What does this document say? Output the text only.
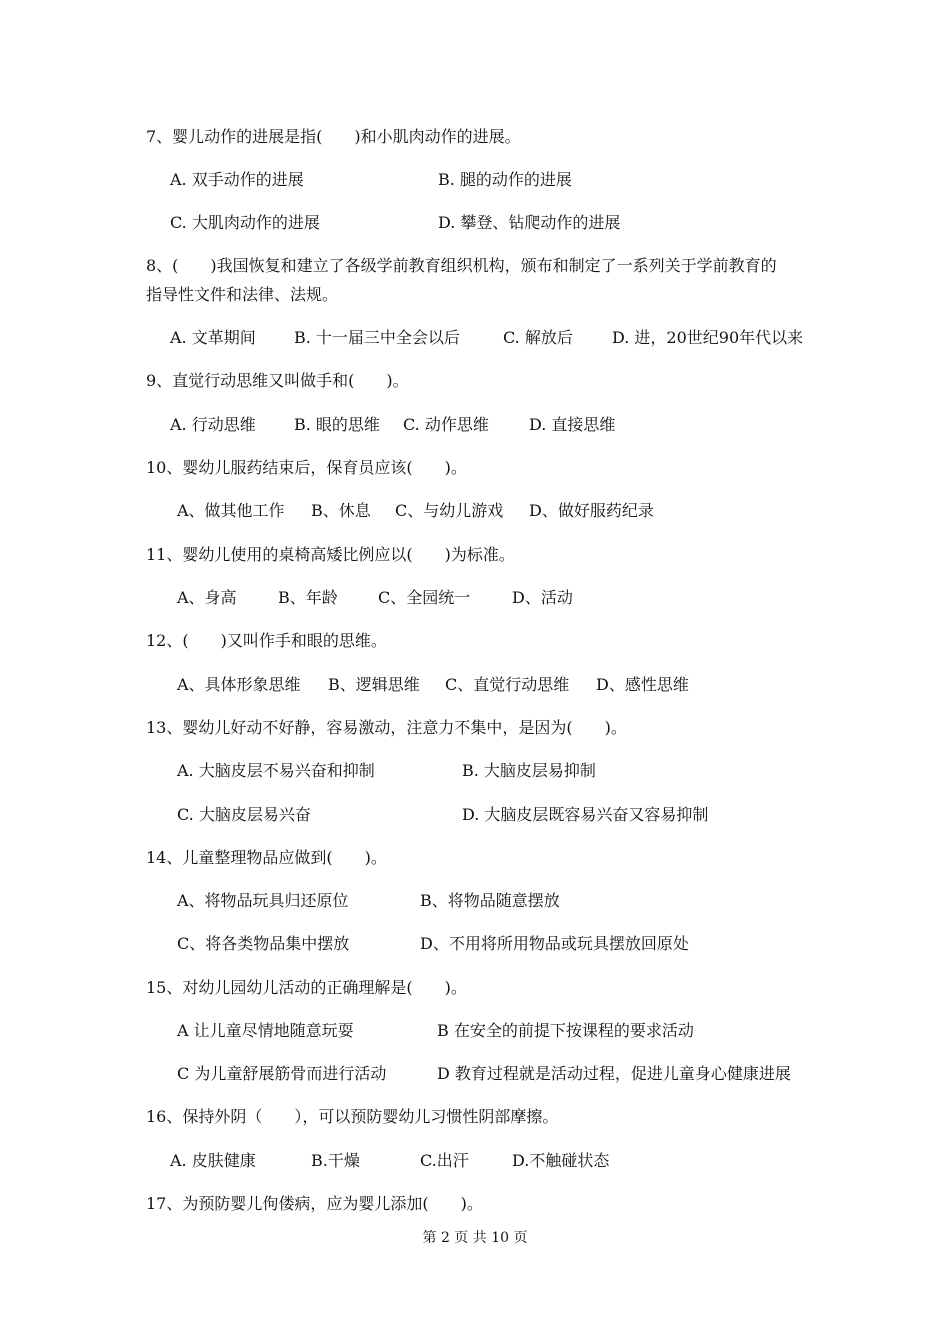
7、婴儿动作的进展是指(　　)和小肌肉动作的进展。
A. 双手动作的进展	B. 腿的动作的进展
C. 大肌肉动作的进展	D. 攀登、钻爬动作的进展
8、(　　)我国恢复和建立了各级学前教育组织机构，颁布和制定了一系列关于学前教育的
指导性文件和法律、法规。
A. 文革期间 B. 十一届三中全会以后	C. 解放后 D. 进，20世纪90年代以来
9、直觉行动思维又叫做手和(　　)。
A. 行动思维 B. 眼的思维 C. 动作思维	D. 直接思维
10、婴幼儿服药结束后，保育员应该(　　)。
A、做其他工作 B、休息 C、与幼儿游戏 D、做好服药纪录
11、婴幼儿使用的桌椅高矮比例应以(　　)为标准。
A、身高	B、年龄	C、全园统一	D、活动
12、(　　)又叫作手和眼的思维。
A、具体形象思维 B、逻辑思维 C、直觉行动思维 D、感性思维
13、婴幼儿好动不好静，容易激动，注意力不集中，是因为(　　)。
A. 大脑皮层不易兴奋和抑制	B. 大脑皮层易抑制
C. 大脑皮层易兴奋	D. 大脑皮层既容易兴奋又容易抑制
14、儿童整理物品应做到(　　)。
A、将物品玩具归还原位	B、将物品随意摆放
C、将各类物品集中摆放	D、不用将所用物品或玩具摆放回原处
15、对幼儿园幼儿活动的正确理解是(　　)。
A 让儿童尽情地随意玩耍	B 在安全的前提下按课程的要求活动
C 为儿童舒展筋骨而进行活动	D 教育过程就是活动过程，促进儿童身心健康进展
16、保持外阴（　　），可以预防婴幼儿习惯性阴部摩擦。
A. 皮肤健康	B.干燥	C.出汗	D.不触碰状态
17、为预防婴儿佝偻病，应为婴儿添加(　　)。
第 2 页 共 10 页
